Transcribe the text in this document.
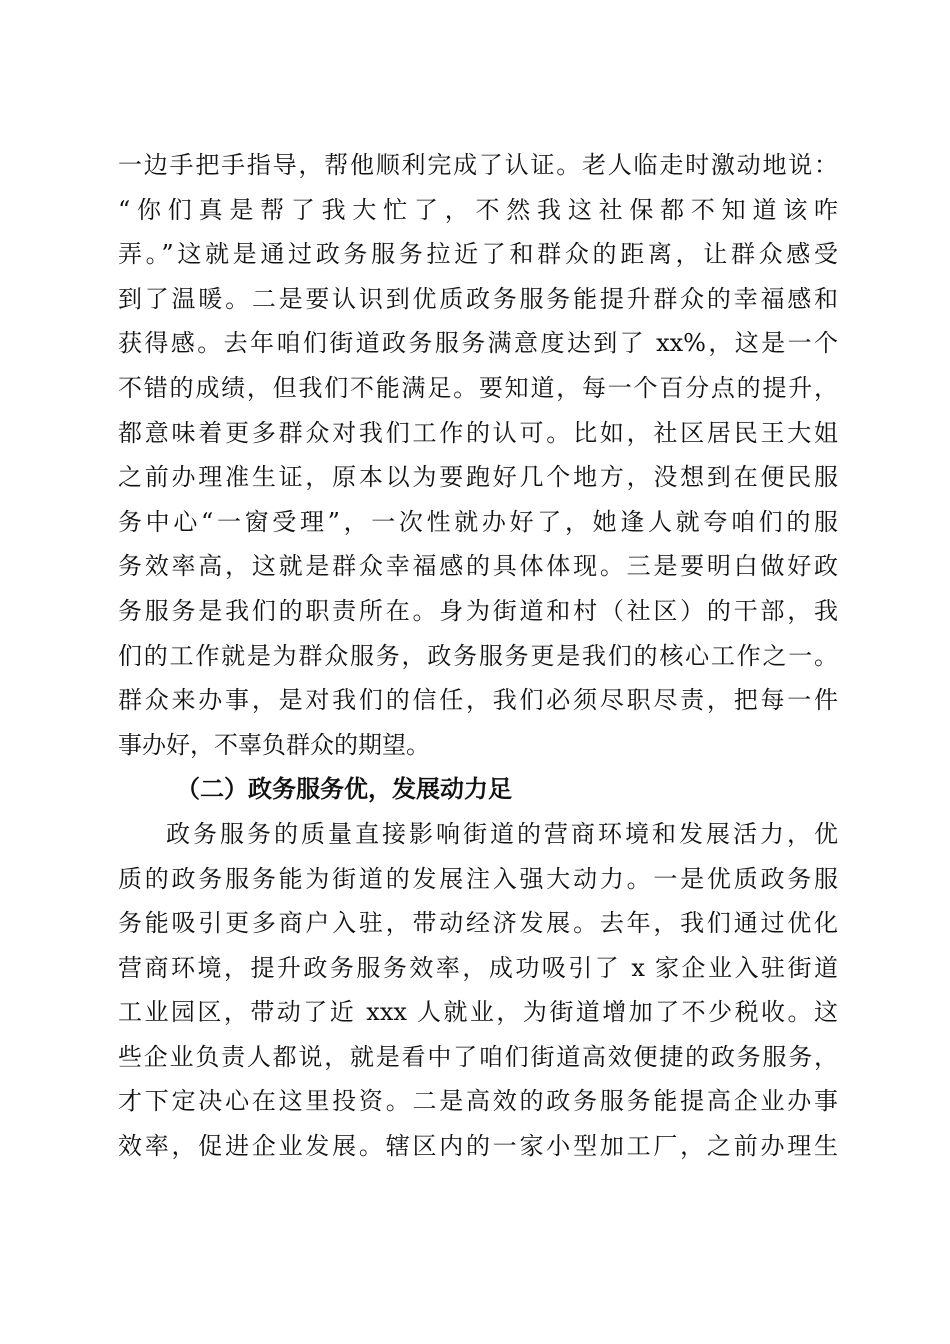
一边手把手指导，帮他顺利完成了认证。老人临走时激动地说：
“你们真是帮了我大忙了，不然我这社保都不知道该咋
弄。”这就是通过政务服务拉近了和群众的距离，让群众感受
到了温暖。二是要认识到优质政务服务能提升群众的幸福感和
获得感。去年咱们街道政务服务满意度达到了 xx%，这是一个
不错的成绩，但我们不能满足。要知道，每一个百分点的提升，
都意味着更多群众对我们工作的认可。比如，社区居民王大姐
之前办理准生证，原本以为要跑好几个地方，没想到在便民服
务中心“一窗受理”，一次性就办好了，她逢人就夸咱们的服
务效率高，这就是群众幸福感的具体体现。三是要明白做好政
务服务是我们的职责所在。身为街道和村（社区）的干部，我
们的工作就是为群众服务，政务服务更是我们的核心工作之一。
群众来办事，是对我们的信任，我们必须尽职尽责，把每一件
事办好，不辜负群众的期望。
（二）政务服务优，发展动力足
政务服务的质量直接影响街道的营商环境和发展活力，优
质的政务服务能为街道的发展注入强大动力。一是优质政务服
务能吸引更多商户入驻，带动经济发展。去年，我们通过优化
营商环境，提升政务服务效率，成功吸引了 x 家企业入驻街道
工业园区，带动了近 xxx 人就业，为街道增加了不少税收。这
些企业负责人都说，就是看中了咱们街道高效便捷的政务服务，
才下定决心在这里投资。二是高效的政务服务能提高企业办事
效率，促进企业发展。辖区内的一家小型加工厂，之前办理生
